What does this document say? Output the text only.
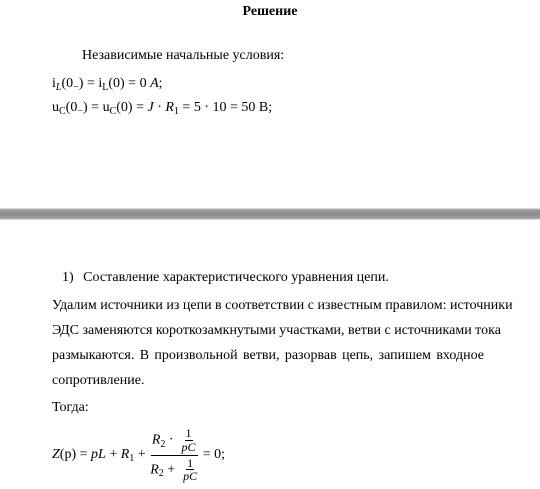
Решение
Независимые начальные условия:
$i_L(0_-) = i_L(0) = 0$ A;
$u_C(0_-) = u_C(0) = J \cdot R_1 = 5 \cdot 10 = 50$ В;
1) Составление характеристического уравнения цепи.
Удалим источники из цепи в соответствии с известным правилом: источники
ЭДС заменяются короткозамкнутыми участками, ветви с источниками тока
размыкаются. В произвольной ветви, разорвав цепь, запишем входное
сопротивление.
Тогда:
Z (p) = p L + R $1 + \frac{R_2 \cdot \frac{1}{pC}}{R_2 + \frac{1}{pC}} = 0$;
